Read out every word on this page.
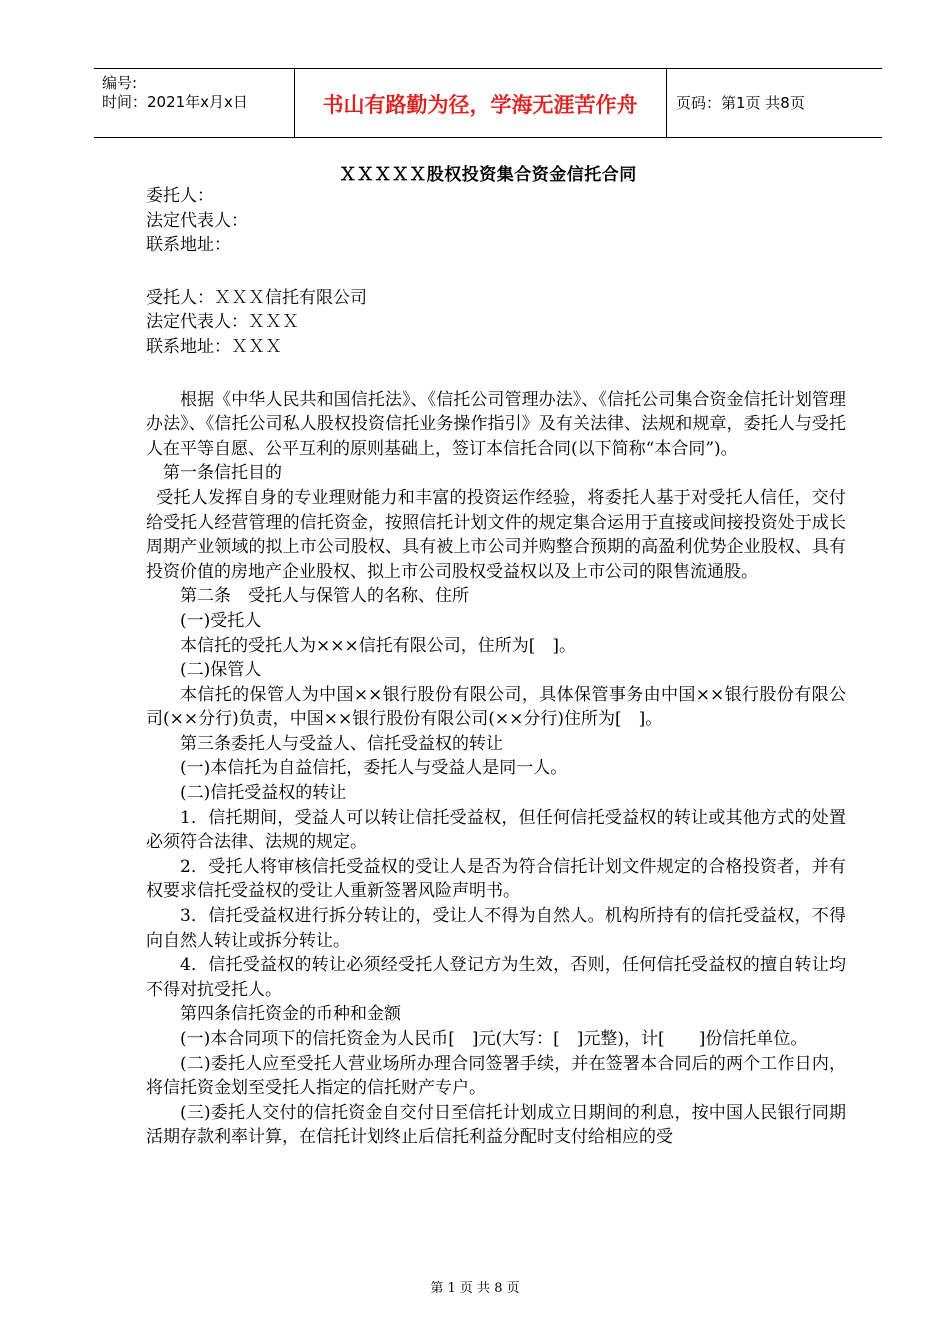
编号:
时间：2021年x月x日	书山有路勤为径，学海无涯苦作舟	页码：第1页 共8页
ＸＸＸＸＸ股权投资集合资金信托合同

委托人：

法定代表人：

联系地址：

受托人：ＸＸＸ信托有限公司

法定代表人：ＸＸＸ

联系地址：ＸＸＸ

根据《中华人民共和国信托法》、《信托公司管理办法》、《信托公司集合资金信托计划管理办法》、《信托公司私人股权投资信托业务操作指引》及有关法律、法规和规章，委托人与受托人在平等自愿、公平互利的原则基础上，签订本信托合同(以下简称“本合同”)。

第一条信托目的

受托人发挥自身的专业理财能力和丰富的投资运作经验，将委托人基于对受托人信任，交付给受托人经营管理的信托资金，按照信托计划文件的规定集合运用于直接或间接投资处于成长周期产业领域的拟上市公司股权、具有被上市公司并购整合预期的高盈利优势企业股权、具有投资价值的房地产企业股权、拟上市公司股权受益权以及上市公司的限售流通股。

第二条　受托人与保管人的名称、住所

(一)受托人

本信托的受托人为×××信托有限公司，住所为[　]。

(二)保管人

本信托的保管人为中国××银行股份有限公司，具体保管事务由中国××银行股份有限公司(××分行)负责，中国××银行股份有限公司(××分行)住所为[　]。

第三条委托人与受益人、信托受益权的转让

(一)本信托为自益信托，委托人与受益人是同一人。

(二)信托受益权的转让

1．信托期间，受益人可以转让信托受益权，但任何信托受益权的转让或其他方式的处置必须符合法律、法规的规定。

2．受托人将审核信托受益权的受让人是否为符合信托计划文件规定的合格投资者，并有权要求信托受益权的受让人重新签署风险声明书。

3．信托受益权进行拆分转让的，受让人不得为自然人。机构所持有的信托受益权，不得向自然人转让或拆分转让。

4．信托受益权的转让必须经受托人登记方为生效，否则，任何信托受益权的擅自转让均不得对抗受托人。

第四条信托资金的币种和金额

(一)本合同项下的信托资金为人民币[　]元(大写：[　]元整)，计[　　]份信托单位。

(二)委托人应至受托人营业场所办理合同签署手续，并在签署本合同后的两个工作日内，将信托资金划至受托人指定的信托财产专户。

(三)委托人交付的信托资金自交付日至信托计划成立日期间的利息，按中国人民银行同期活期存款利率计算，在信托计划终止后信托利益分配时支付给相应的受

第 1 页 共 8 页
